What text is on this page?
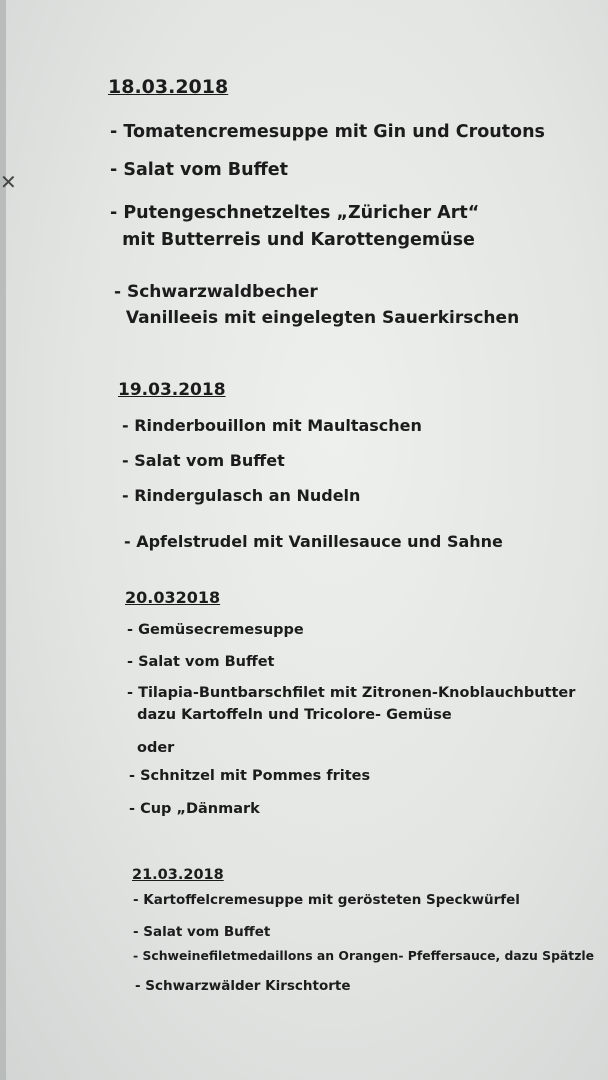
✕
18.03.2018
- Tomatencremesuppe mit Gin und Croutons
- Salat vom Buffet
- Putengeschnetzeltes „Züricher Art“
mit Butterreis und Karottengemüse
- Schwarzwaldbecher
Vanilleeis mit eingelegten Sauerkirschen
19.03.2018
- Rinderbouillon mit Maultaschen
- Salat vom Buffet
- Rindergulasch an Nudeln
- Apfelstrudel mit Vanillesauce und Sahne
20.032018
- Gemüsecremesuppe
- Salat vom Buffet
- Tilapia-Buntbarschfilet mit Zitronen-Knoblauchbutter
dazu Kartoffeln und Tricolore- Gemüse
oder
- Schnitzel mit Pommes frites
- Cup „Dänmark
21.03.2018
- Kartoffelcremesuppe mit gerösteten Speckwürfel
- Salat vom Buffet
- Schweinefiletmedaillons an Orangen- Pfeffersauce, dazu Spätzle
- Schwarzwälder Kirschtorte
